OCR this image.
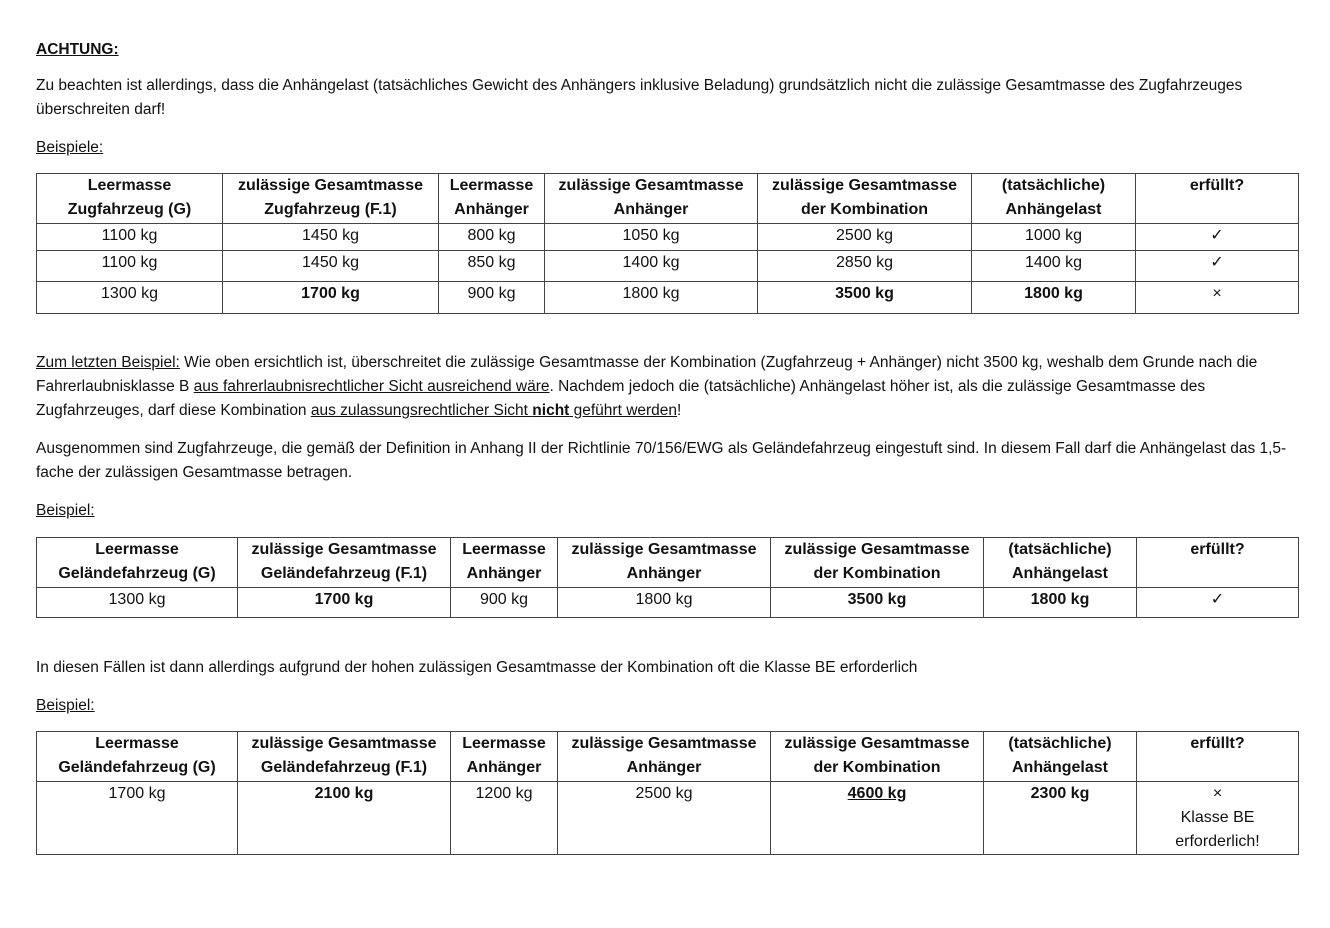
ACHTUNG:
Zu beachten ist allerdings, dass die Anhängelast (tatsächliches Gewicht des Anhängers inklusive Beladung) grundsätzlich nicht die zulässige Gesamtmasse des Zugfahrzeuges überschreiten darf!
Beispiele:
Leermasse Zugfahrzeug (G)	zulässige Gesamtmasse Zugfahrzeug (F.1)	Leermasse Anhänger	zulässige Gesamtmasse Anhänger	zulässige Gesamtmasse der Kombination	(tatsächliche) Anhängelast	erfüllt?
1100 kg	1450 kg	800 kg	1050 kg	2500 kg	1000 kg	✓
1100 kg	1450 kg	850 kg	1400 kg	2850 kg	1400 kg	✓
1300 kg	1700 kg	900 kg	1800 kg	3500 kg	1800 kg	×
Zum letzten Beispiel: Wie oben ersichtlich ist, überschreitet die zulässige Gesamtmasse der Kombination (Zugfahrzeug + Anhänger) nicht 3500 kg, weshalb dem Grunde nach die Fahrerlaubnisklasse B aus fahrerlaubnisrechtlicher Sicht ausreichend wäre. Nachdem jedoch die (tatsächliche) Anhängelast höher ist, als die zulässige Gesamtmasse des Zugfahrzeuges, darf diese Kombination aus zulassungsrechtlicher Sicht nicht geführt werden!
Ausgenommen sind Zugfahrzeuge, die gemäß der Definition in Anhang II der Richtlinie 70/156/EWG als Geländefahrzeug eingestuft sind. In diesem Fall darf die Anhängelast das 1,5-fache der zulässigen Gesamtmasse betragen.
Beispiel:
Leermasse Geländefahrzeug (G)	zulässige Gesamtmasse Geländefahrzeug (F.1)	Leermasse Anhänger	zulässige Gesamtmasse Anhänger	zulässige Gesamtmasse der Kombination	(tatsächliche) Anhängelast	erfüllt?
1300 kg	1700 kg	900 kg	1800 kg	3500 kg	1800 kg	✓
In diesen Fällen ist dann allerdings aufgrund der hohen zulässigen Gesamtmasse der Kombination oft die Klasse BE erforderlich
Beispiel:
Leermasse Geländefahrzeug (G)	zulässige Gesamtmasse Geländefahrzeug (F.1)	Leermasse Anhänger	zulässige Gesamtmasse Anhänger	zulässige Gesamtmasse der Kombination	(tatsächliche) Anhängelast	erfüllt?
1700 kg	2100 kg	1200 kg	2500 kg	4600 kg	2300 kg	×
Klasse BE
erforderlich!
